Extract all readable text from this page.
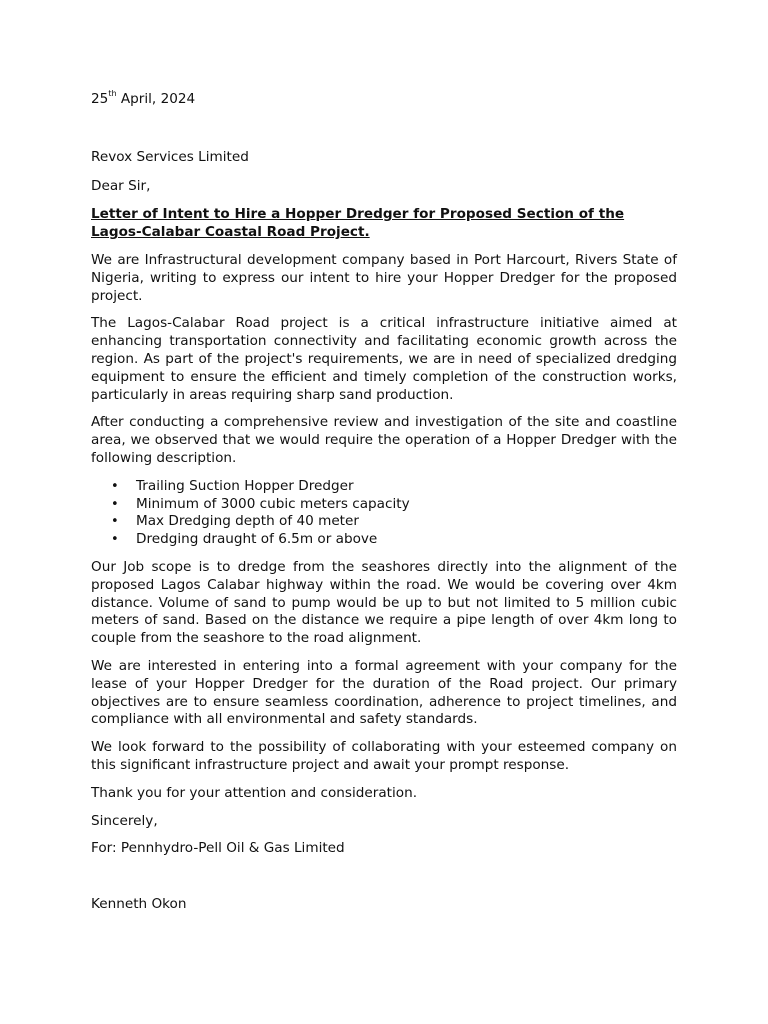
25th April, 2024

Revox Services Limited

Dear Sir,

Letter of Intent to Hire a Hopper Dredger for Proposed Section of the Lagos-Calabar Coastal Road Project.

We are Infrastructural development company based in Port Harcourt, Rivers State of Nigeria, writing to express our intent to hire your Hopper Dredger for the proposed project.

The Lagos-Calabar Road project is a critical infrastructure initiative aimed at enhancing transportation connectivity and facilitating economic growth across the region. As part of the project's requirements, we are in need of specialized dredging equipment to ensure the efficient and timely completion of the construction works, particularly in areas requiring sharp sand production.

After conducting a comprehensive review and investigation of the site and coastline area, we observed that we would require the operation of a Hopper Dredger with the following description.

• Trailing Suction Hopper Dredger
• Minimum of 3000 cubic meters capacity
• Max Dredging depth of 40 meter
• Dredging draught of 6.5m or above

Our Job scope is to dredge from the seashores directly into the alignment of the proposed Lagos Calabar highway within the road. We would be covering over 4km distance. Volume of sand to pump would be up to but not limited to 5 million cubic meters of sand. Based on the distance we require a pipe length of over 4km long to couple from the seashore to the road alignment.

We are interested in entering into a formal agreement with your company for the lease of your Hopper Dredger for the duration of the Road project. Our primary objectives are to ensure seamless coordination, adherence to project timelines, and compliance with all environmental and safety standards.

We look forward to the possibility of collaborating with your esteemed company on this significant infrastructure project and await your prompt response.

Thank you for your attention and consideration.

Sincerely,

For: Pennhydro-Pell Oil & Gas Limited

Kenneth Okon
